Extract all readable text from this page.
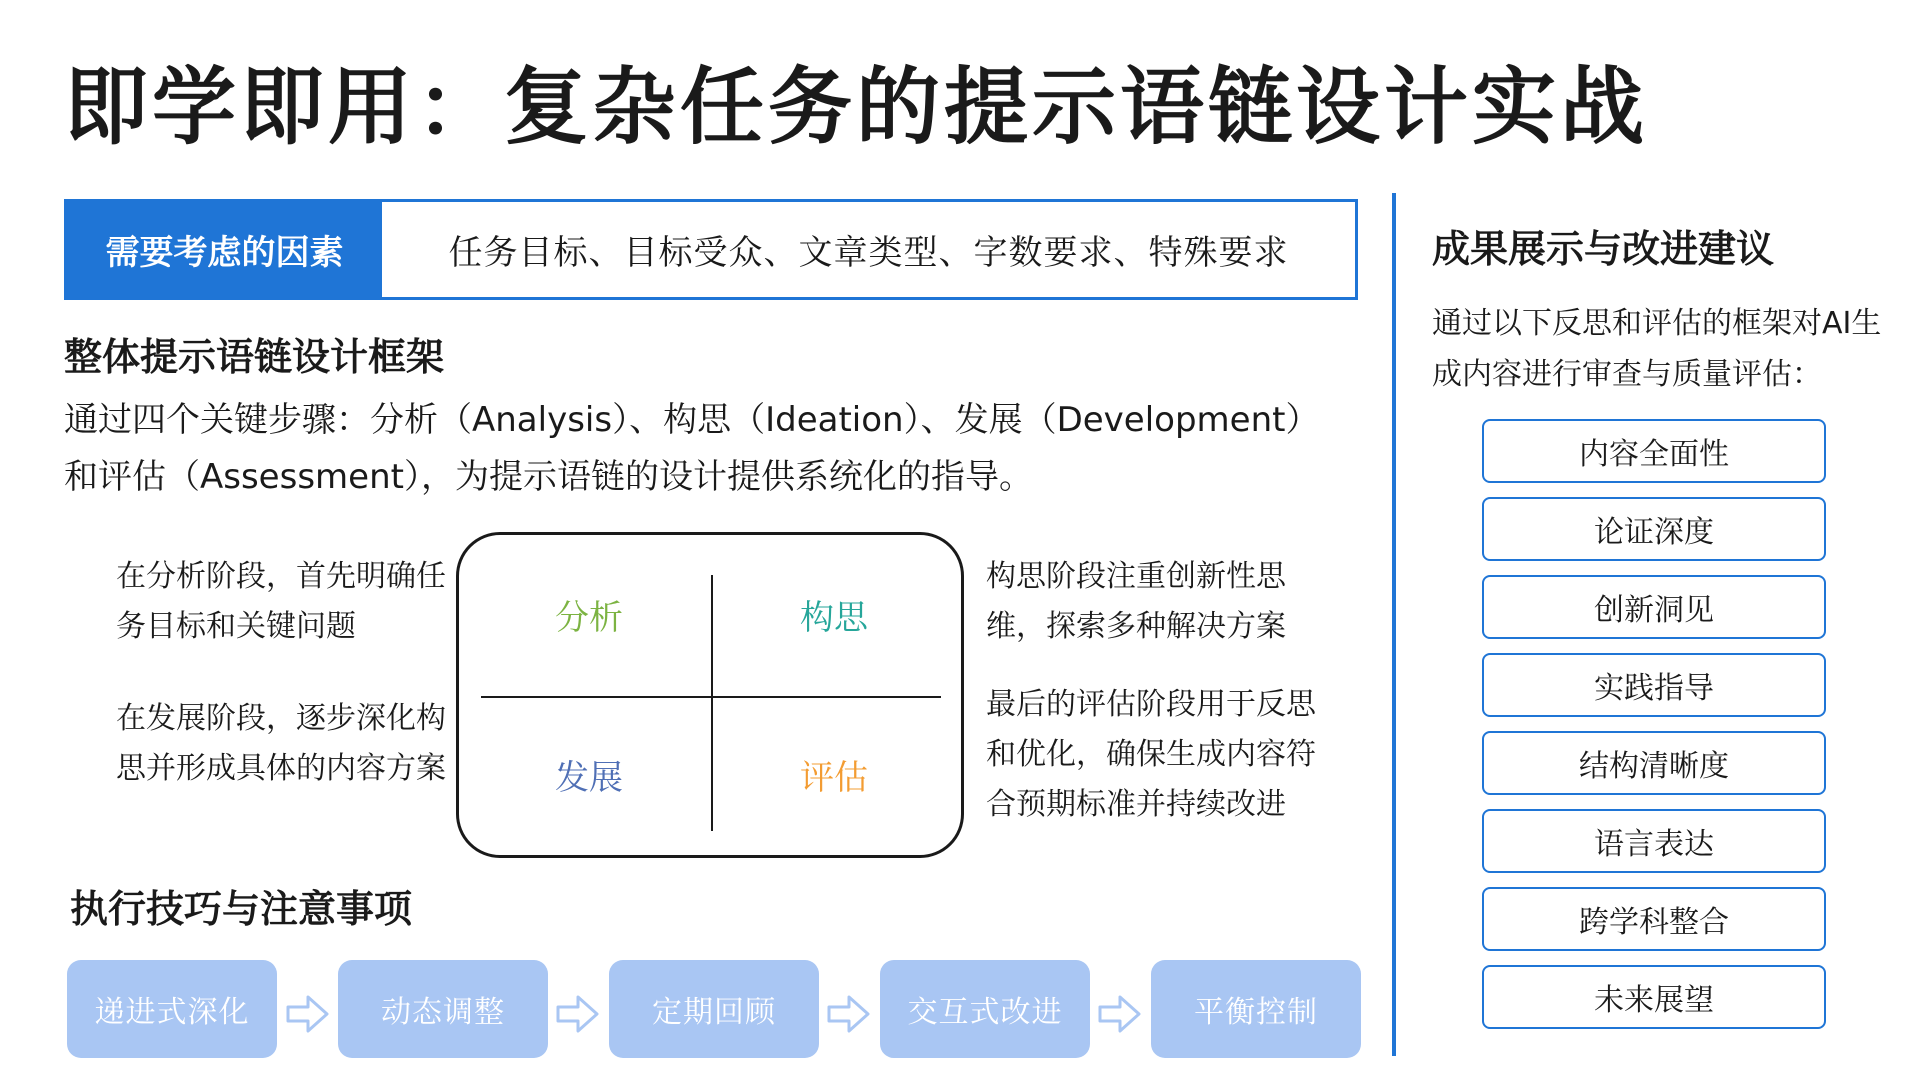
即学即用：复杂任务的提示语链设计实战
需要考虑的因素	任务目标、目标受众、文章类型、字数要求、特殊要求
整体提示语链设计框架
通过四个关键步骤：分析（Analysis）、构思（Ideation）、发展（Development）
和评估（Assessment），为提示语链的设计提供系统化的指导。
在分析阶段，首先明确任务目标和关键问题
在发展阶段，逐步深化构思并形成具体的内容方案
分析	构思
发展	评估
构思阶段注重创新性思维，探索多种解决方案
最后的评估阶段用于反思和优化，确保生成内容符合预期标准并持续改进
执行技巧与注意事项
递进式深化	动态调整	定期回顾	交互式改进	平衡控制
成果展示与改进建议
通过以下反思和评估的框架对AI生成内容进行审查与质量评估：
内容全面性
论证深度
创新洞见
实践指导
结构清晰度
语言表达
跨学科整合
未来展望
